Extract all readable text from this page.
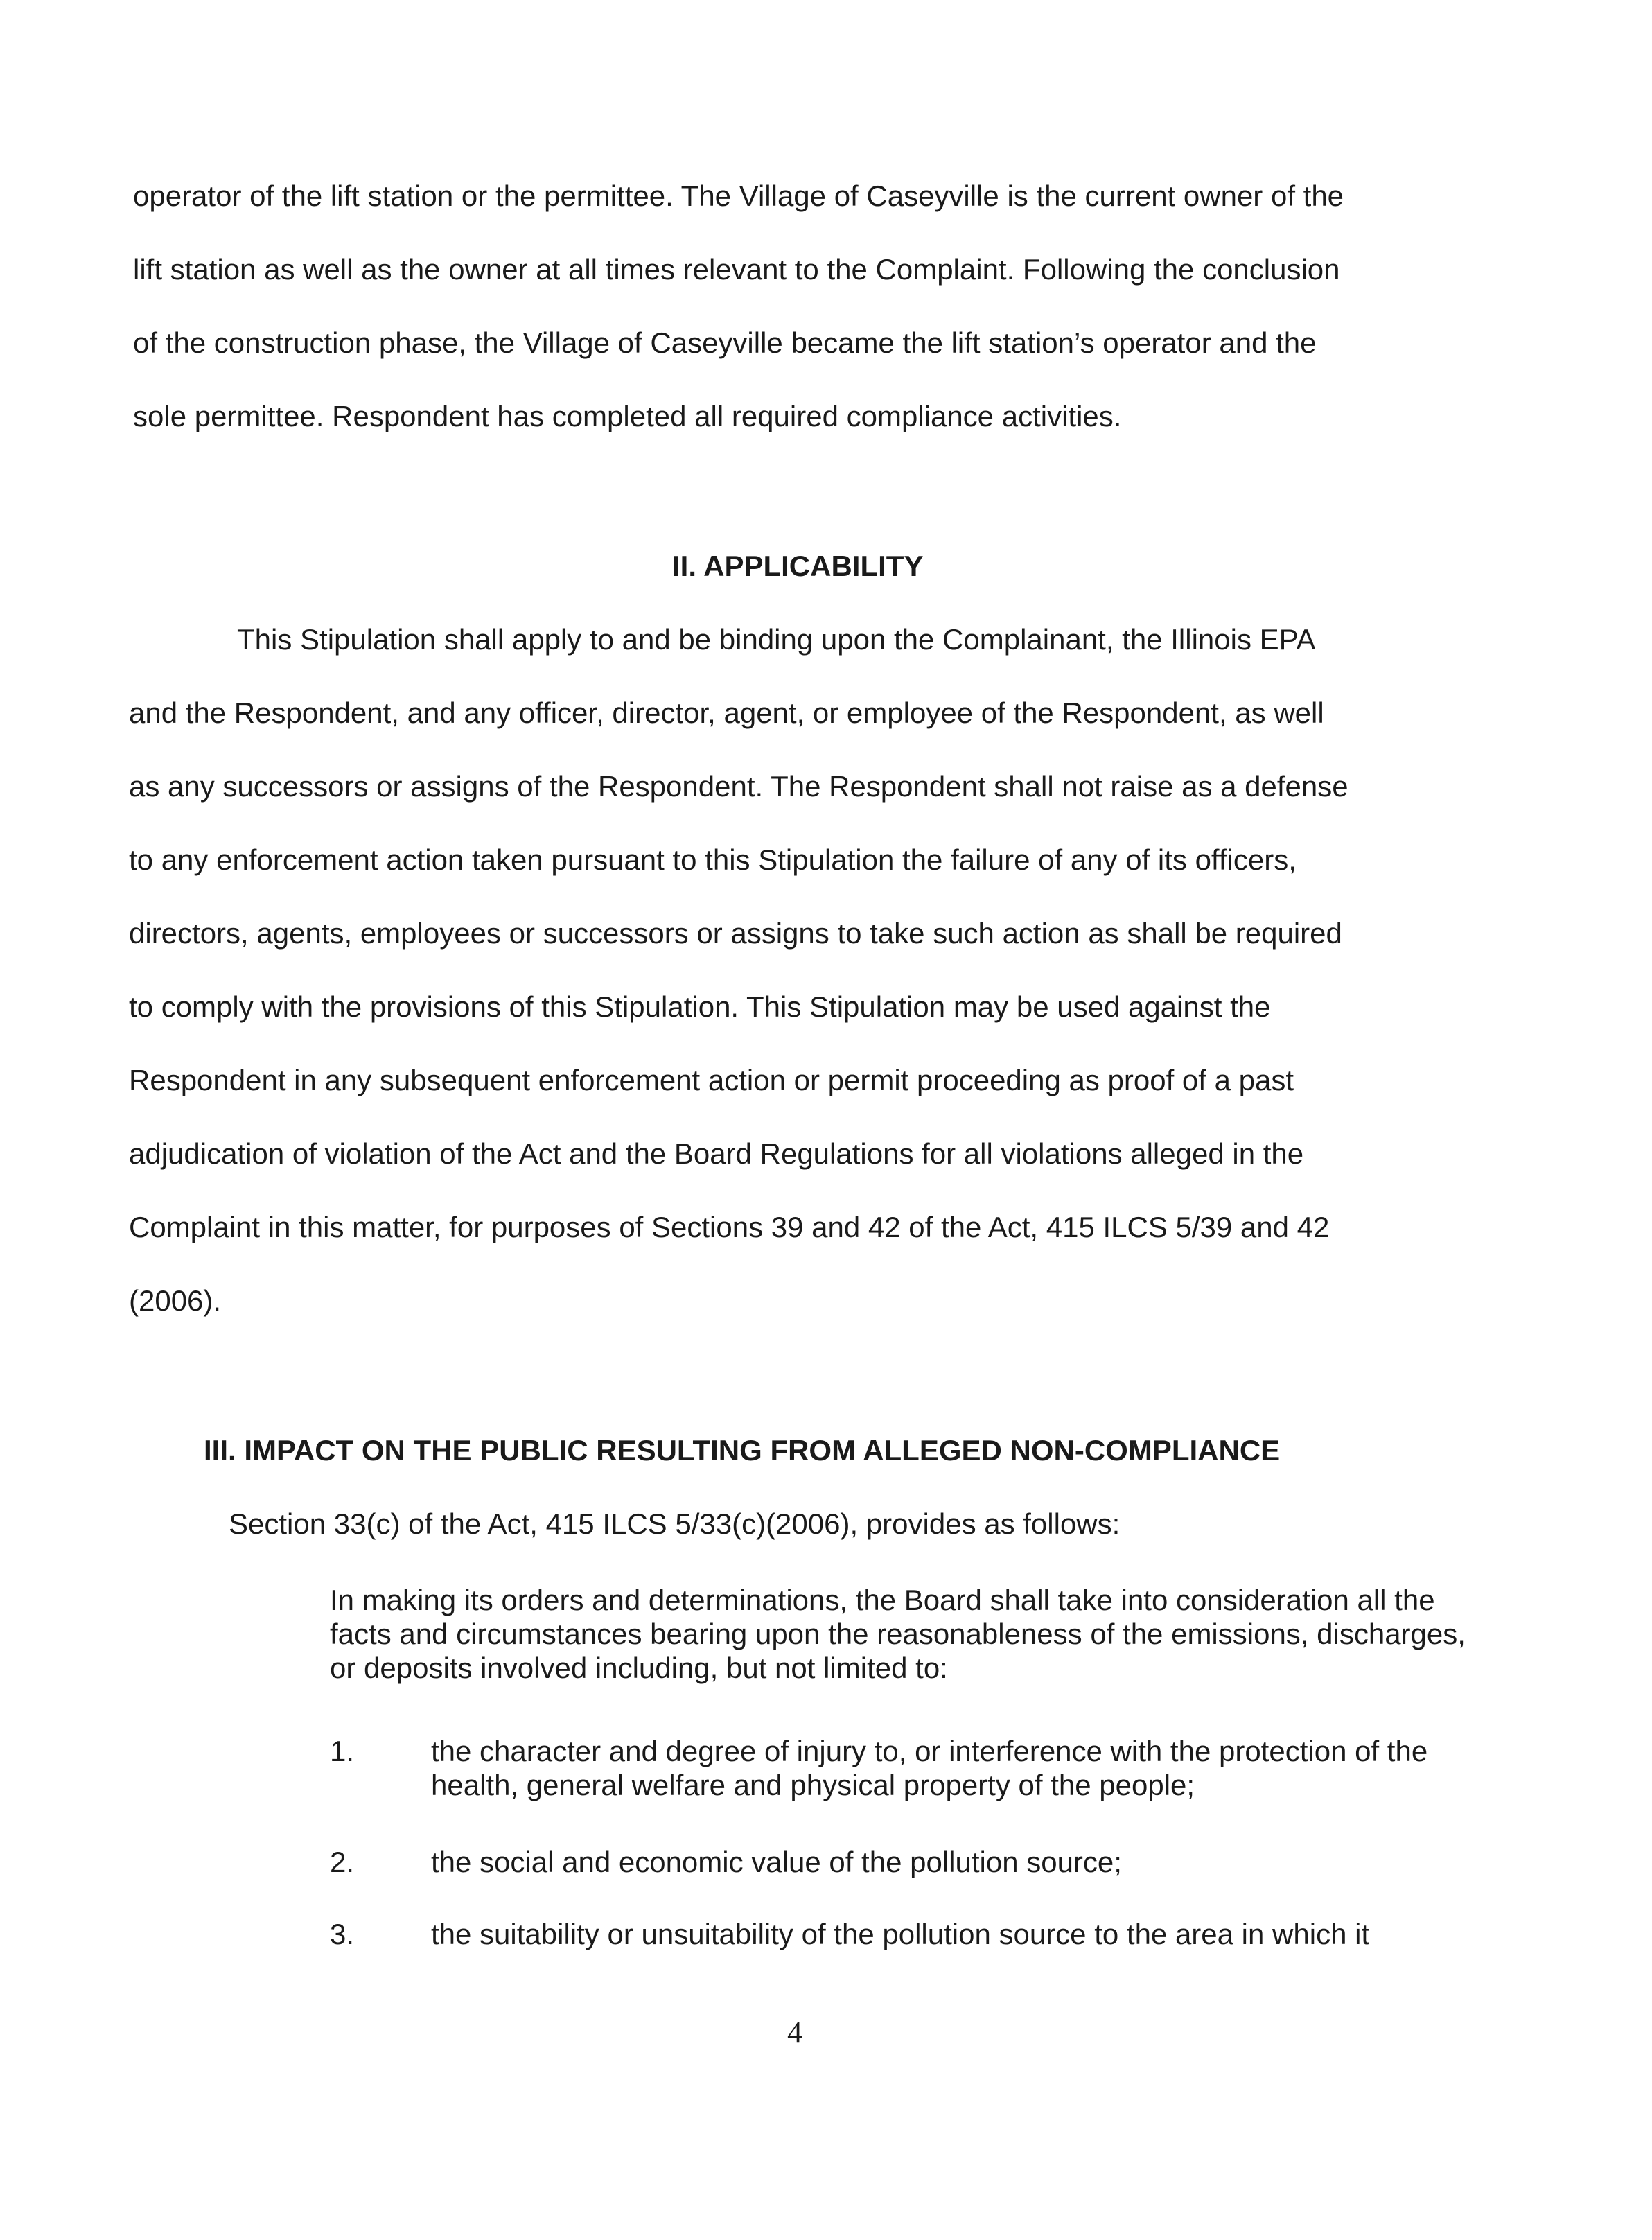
operator of the lift station or the permittee. The Village of Caseyville is the current owner of the
lift station as well as the owner at all times relevant to the Complaint. Following the conclusion
of the construction phase, the Village of Caseyville became the lift station’s operator and the
sole permittee. Respondent has completed all required compliance activities.
II. APPLICABILITY
This Stipulation shall apply to and be binding upon the Complainant, the Illinois EPA
and the Respondent, and any officer, director, agent, or employee of the Respondent, as well
as any successors or assigns of the Respondent. The Respondent shall not raise as a defense
to any enforcement action taken pursuant to this Stipulation the failure of any of its officers,
directors, agents, employees or successors or assigns to take such action as shall be required
to comply with the provisions of this Stipulation. This Stipulation may be used against the
Respondent in any subsequent enforcement action or permit proceeding as proof of a past
adjudication of violation of the Act and the Board Regulations for all violations alleged in the
Complaint in this matter, for purposes of Sections 39 and 42 of the Act, 415 ILCS 5/39 and 42
(2006).
III. IMPACT ON THE PUBLIC RESULTING FROM ALLEGED NON-COMPLIANCE
Section 33(c) of the Act, 415 ILCS 5/33(c)(2006), provides as follows:
In making its orders and determinations, the Board shall take into consideration all the facts and circumstances bearing upon the reasonableness of the emissions, discharges, or deposits involved including, but not limited to:
1.	the character and degree of injury to, or interference with the protection of the health, general welfare and physical property of the people;
2.	the social and economic value of the pollution source;
3.	the suitability or unsuitability of the pollution source to the area in which it
4
